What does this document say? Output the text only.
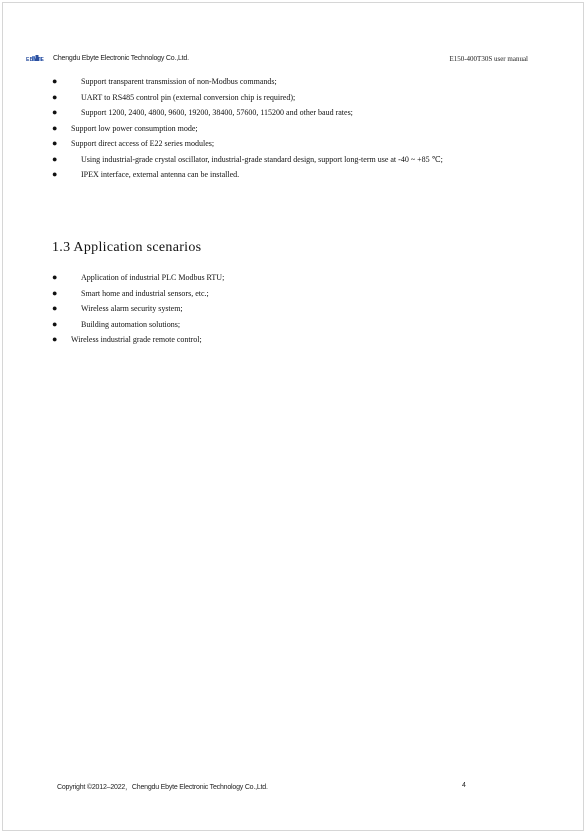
EBYTE Chengdu Ebyte Electronic Technology Co.,Ltd.	E150-400T30S user manual
●	Support transparent transmission of non-Modbus commands;
●	UART to RS485 control pin (external conversion chip is required);
●	Support 1200, 2400, 4800, 9600, 19200, 38400, 57600, 115200 and other baud rates;
● Support low power consumption mode;
● Support direct access of E22 series modules;
●	Using industrial-grade crystal oscillator, industrial-grade standard design, support long-term use at -40 ~ +85 ℃;
●	IPEX interface, external antenna can be installed.
1.3 Application scenarios
●	Application of industrial PLC Modbus RTU;
●	Smart home and industrial sensors, etc.;
●	Wireless alarm security system;
●	Building automation solutions;
● Wireless industrial grade remote control;
Copyright ©2012–2022，Chengdu Ebyte Electronic Technology Co.,Ltd.	4
